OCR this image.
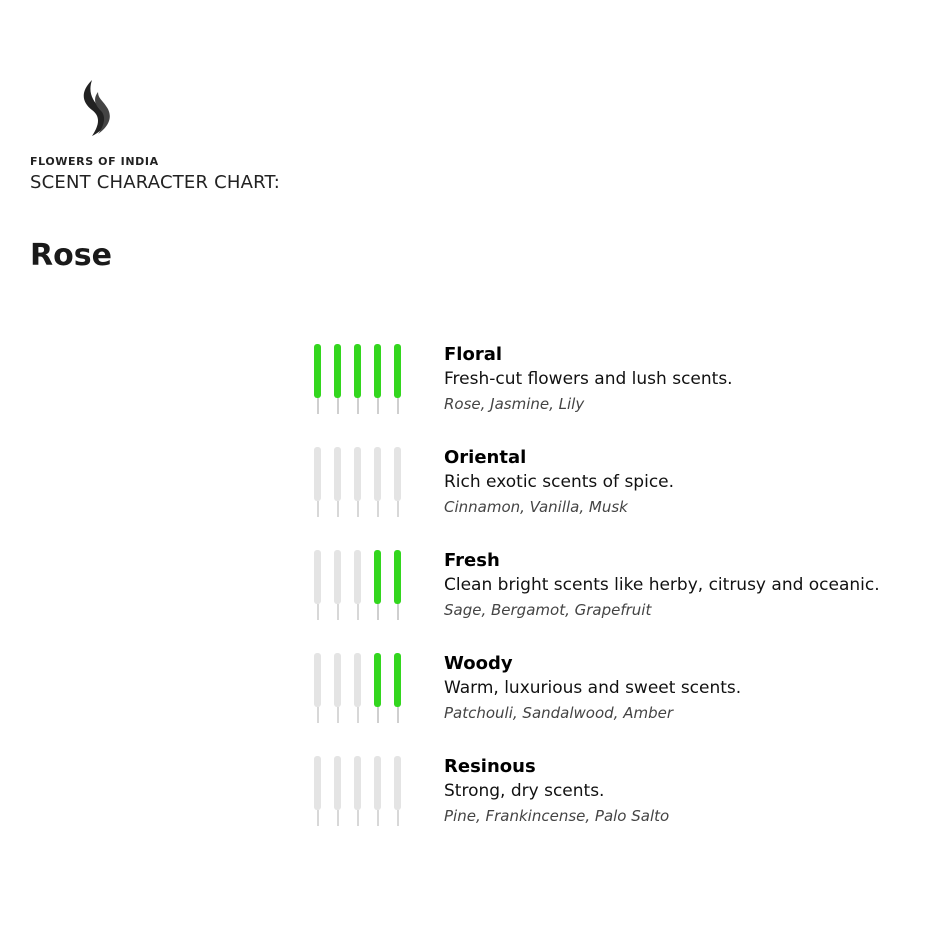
FLOWERS OF INDIA
SCENT CHARACTER CHART:
Rose
Floral
Fresh-cut flowers and lush scents.
Rose, Jasmine, Lily
Oriental
Rich exotic scents of spice.
Cinnamon, Vanilla, Musk
Fresh
Clean bright scents like herby, citrusy and oceanic.
Sage, Bergamot, Grapefruit
Woody
Warm, luxurious and sweet scents.
Patchouli, Sandalwood, Amber
Resinous
Strong, dry scents.
Pine, Frankincense, Palo Salto
